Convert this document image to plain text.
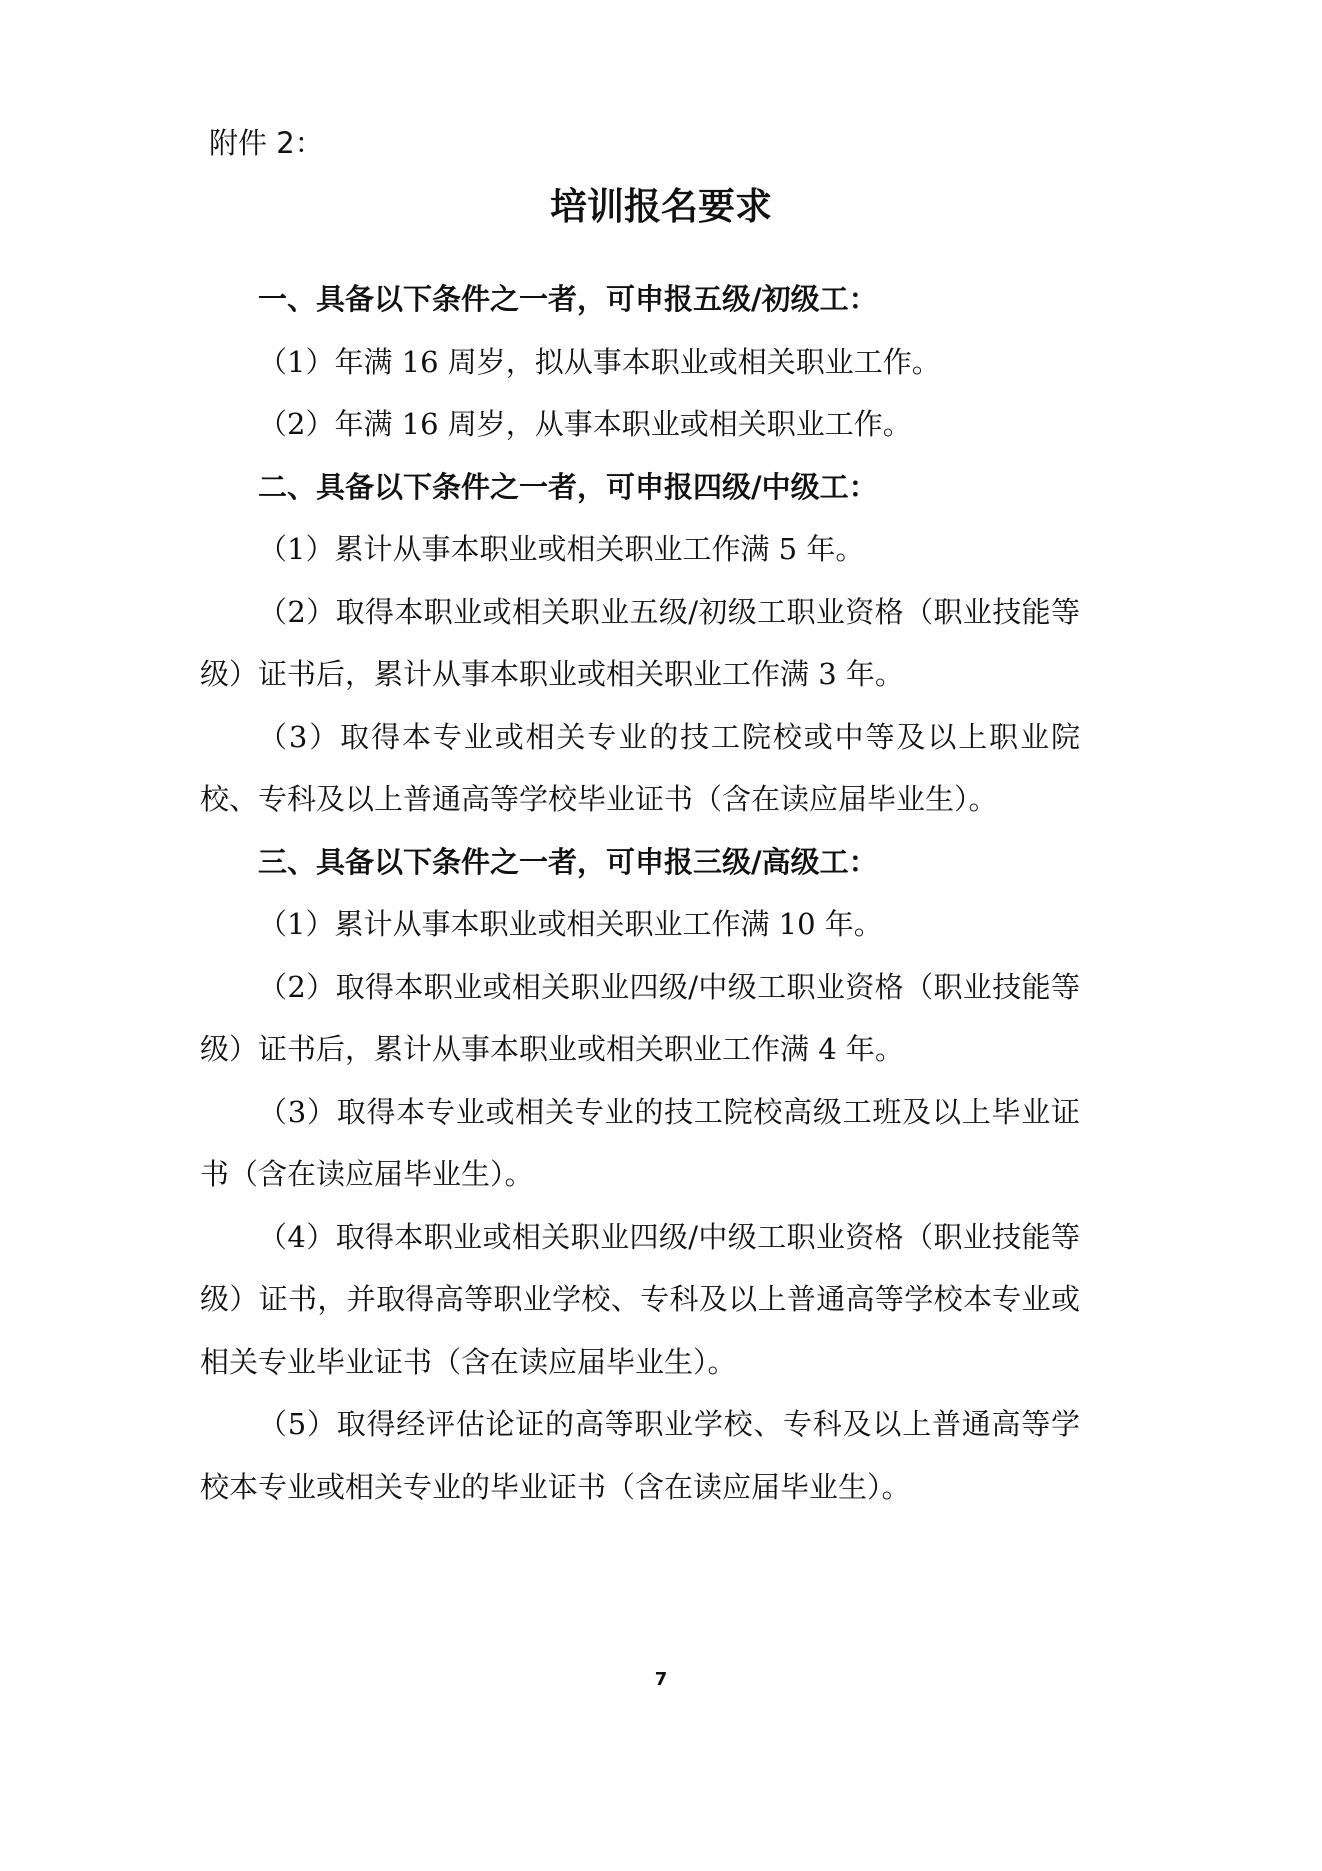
附件 2：
培训报名要求

一、具备以下条件之一者，可申报五级/初级工：

（1）年满 16 周岁，拟从事本职业或相关职业工作。

（2）年满 16 周岁，从事本职业或相关职业工作。

二、具备以下条件之一者，可申报四级/中级工：

（1）累计从事本职业或相关职业工作满 5 年。

（2）取得本职业或相关职业五级/初级工职业资格（职业技能等级）证书后，累计从事本职业或相关职业工作满 3 年。

（3）取得本专业或相关专业的技工院校或中等及以上职业院校、专科及以上普通高等学校毕业证书（含在读应届毕业生）。

三、具备以下条件之一者，可申报三级/高级工：

（1）累计从事本职业或相关职业工作满 10 年。

（2）取得本职业或相关职业四级/中级工职业资格（职业技能等级）证书后，累计从事本职业或相关职业工作满 4 年。

（3）取得本专业或相关专业的技工院校高级工班及以上毕业证书（含在读应届毕业生）。

（4）取得本职业或相关职业四级/中级工职业资格（职业技能等级）证书，并取得高等职业学校、专科及以上普通高等学校本专业或相关专业毕业证书（含在读应届毕业生）。

（5）取得经评估论证的高等职业学校、专科及以上普通高等学校本专业或相关专业的毕业证书（含在读应届毕业生）。

7
